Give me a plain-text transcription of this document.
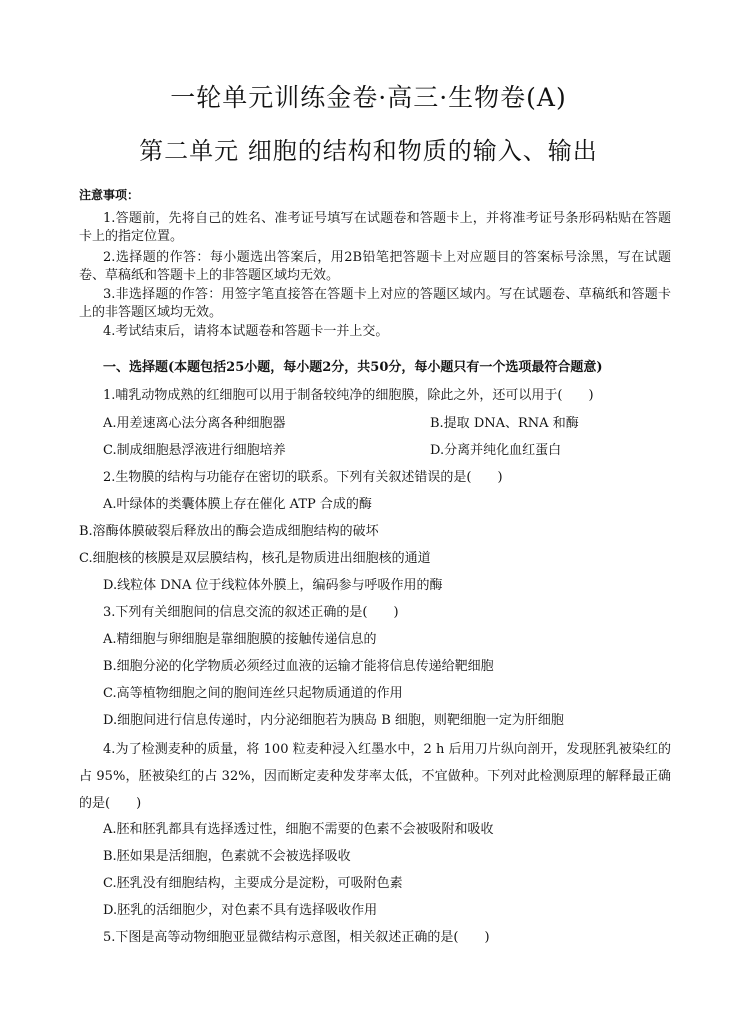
一轮单元训练金卷·高三·生物卷(A)
第二单元 细胞的结构和物质的输入、输出
注意事项：

1.答题前，先将自己的姓名、准考证号填写在试题卷和答题卡上，并将准考证号条形码粘贴在答题卡上的指定位置。

2.选择题的作答：每小题选出答案后，用2B铅笔把答题卡上对应题目的答案标号涂黑，写在试题卷、草稿纸和答题卡上的非答题区域均无效。

3.非选择题的作答：用签字笔直接答在答题卡上对应的答题区域内。写在试题卷、草稿纸和答题卡上的非答题区域均无效。

4.考试结束后，请将本试题卷和答题卡一并上交。

一、选择题(本题包括25小题，每小题2分，共50分，每小题只有一个选项最符合题意)
1.哺乳动物成熟的红细胞可以用于制备较纯净的细胞膜，除此之外，还可以用于(　　)
A.用差速离心法分离各种细胞器	B.提取 DNA、RNA 和酶
C.制成细胞悬浮液进行细胞培养	D.分离并纯化血红蛋白
2.生物膜的结构与功能存在密切的联系。下列有关叙述错误的是(　　)
A.叶绿体的类囊体膜上存在催化 ATP 合成的酶
B.溶酶体膜破裂后释放出的酶会造成细胞结构的破坏
C.细胞核的核膜是双层膜结构，核孔是物质进出细胞核的通道
D.线粒体 DNA 位于线粒体外膜上，编码参与呼吸作用的酶
3.下列有关细胞间的信息交流的叙述正确的是(　　)
A.精细胞与卵细胞是靠细胞膜的接触传递信息的
B.细胞分泌的化学物质必须经过血液的运输才能将信息传递给靶细胞
C.高等植物细胞之间的胞间连丝只起物质通道的作用
D.细胞间进行信息传递时，内分泌细胞若为胰岛 B 细胞，则靶细胞一定为肝细胞

4.为了检测麦种的质量，将 100 粒麦种浸入红墨水中，2 h 后用刀片纵向剖开，发现胚乳被染红的占 95%，胚被染红的占 32%，因而断定麦种发芽率太低，不宜做种。下列对此检测原理的解释最正确的是(　　)

A.胚和胚乳都具有选择透过性，细胞不需要的色素不会被吸附和吸收
B.胚如果是活细胞，色素就不会被选择吸收
C.胚乳没有细胞结构，主要成分是淀粉，可吸附色素
D.胚乳的活细胞少，对色素不具有选择吸收作用
5.下图是高等动物细胞亚显微结构示意图，相关叙述正确的是(　　)
